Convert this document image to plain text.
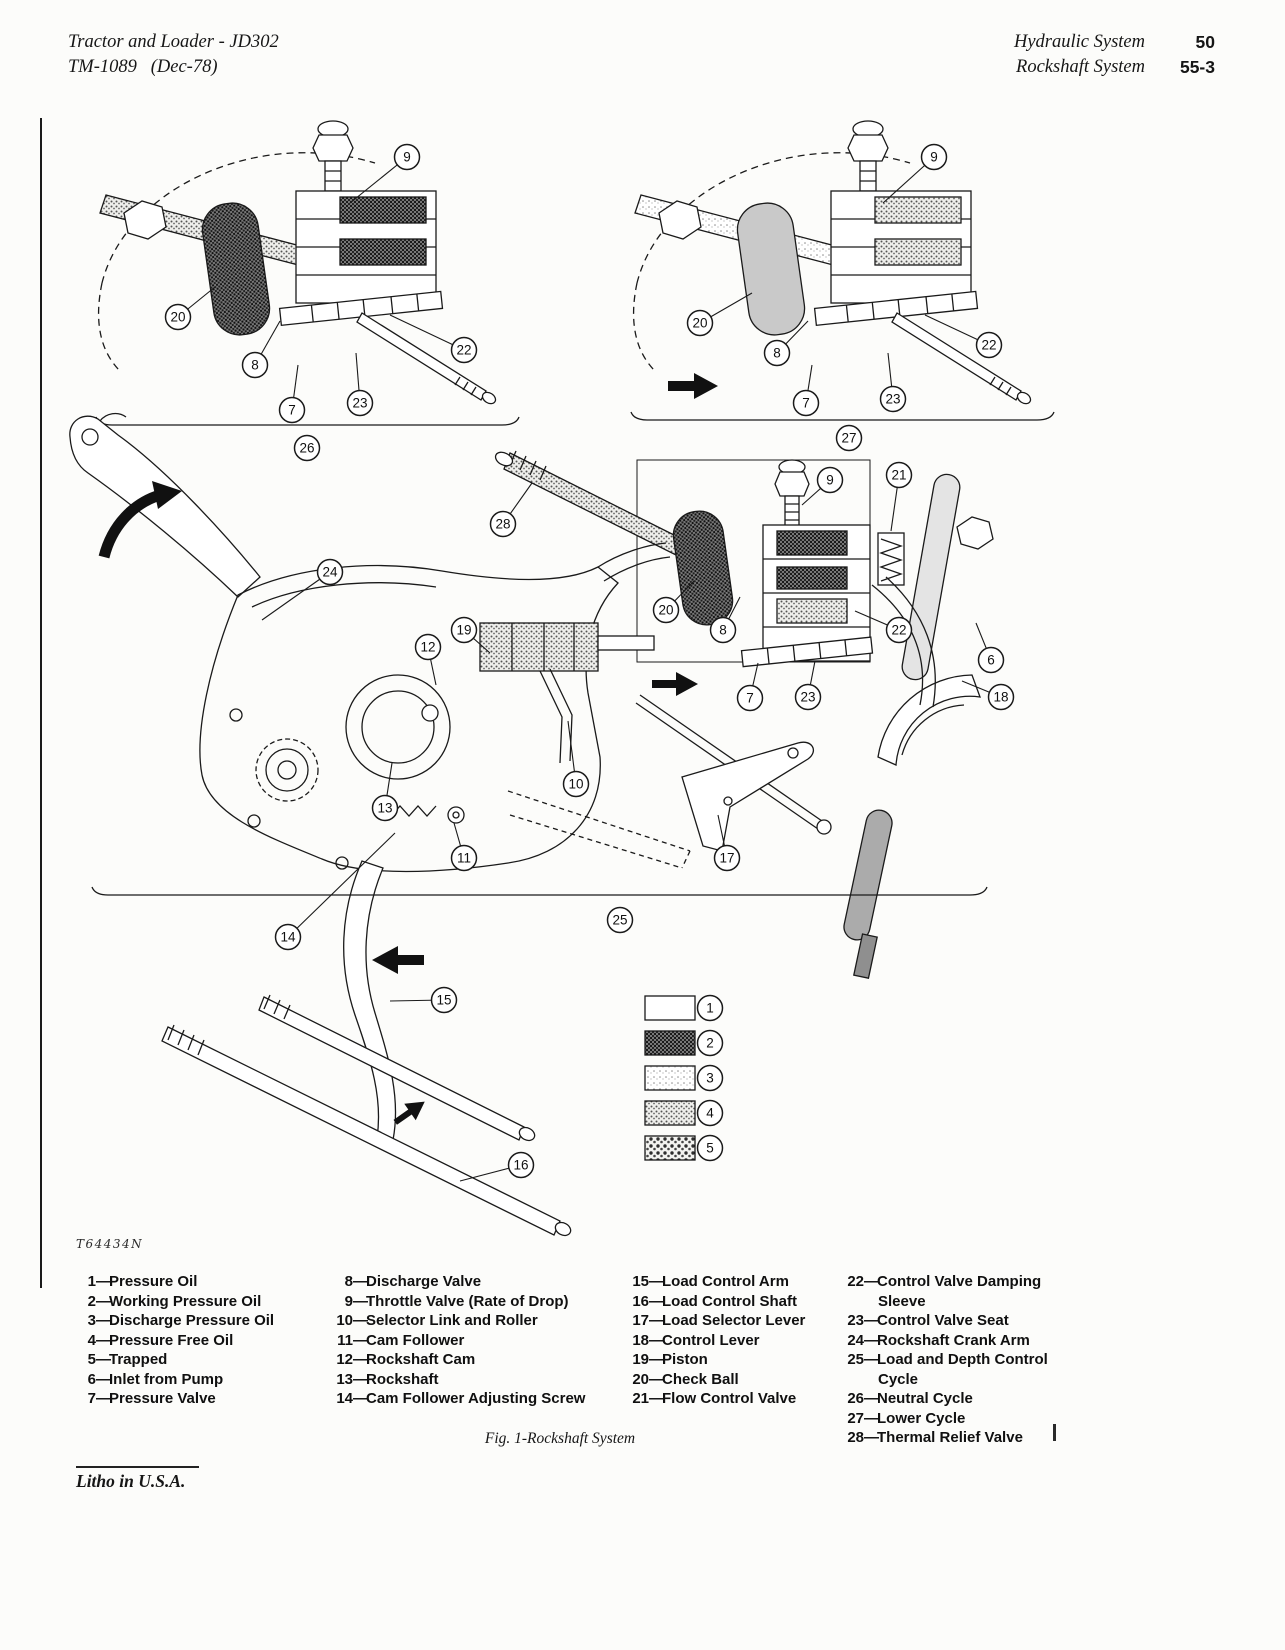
Tractor and Loader - JD302
TM-1089   (Dec-78)
Hydraulic System	50
Rockshaft System	55-3
9
20
8
22
7	23
26
9
20
8
22
7	23
27
28
9	21
20
8	22
6
18
7	23
24
19
12
13
10
11	17
25
14
15
16
1
2
3
4
5
T64434N
1—Pressure Oil
2—Working Pressure Oil
3—Discharge Pressure Oil
4—Pressure Free Oil
5—Trapped
6—Inlet from Pump
7—Pressure Valve
8—Discharge Valve
9—Throttle Valve (Rate of Drop)
10—Selector Link and Roller
11—Cam Follower
12—Rockshaft Cam
13—Rockshaft
14—Cam Follower Adjusting Screw
15—Load Control Arm
16—Load Control Shaft
17—Load Selector Lever
18—Control Lever
19—Piston
20—Check Ball
21—Flow Control Valve
22—Control Valve Damping Sleeve
23—Control Valve Seat
24—Rockshaft Crank Arm
25—Load and Depth Control Cycle
26—Neutral Cycle
27—Lower Cycle
28—Thermal Relief Valve
Fig. 1-Rockshaft System
Litho in U.S.A.
